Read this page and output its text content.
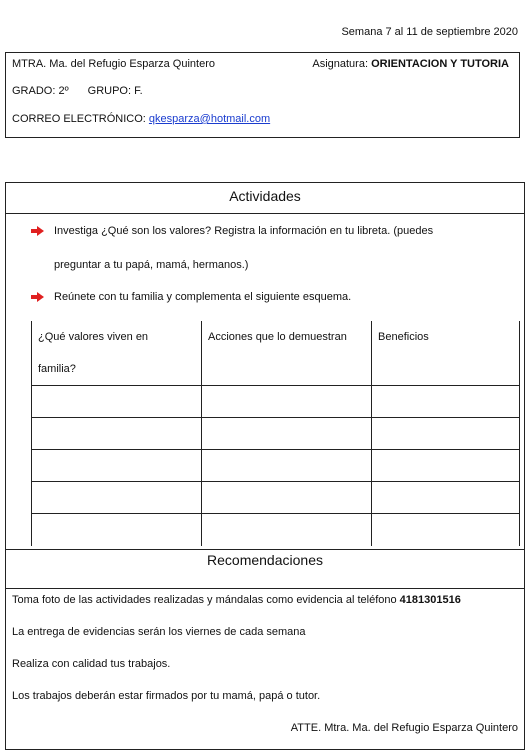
Semana 7 al 11 de septiembre 2020
MTRA. Ma. del Refugio Esparza Quintero	Asignatura: ORIENTACION Y TUTORIA
GRADO: 2º GRUPO: F.
CORREO ELECTRÓNICO: qkesparza@hotmail.com
Actividades
Investiga ¿Qué son los valores? Registra la información en tu libreta. (puedes
preguntar a tu papá, mamá, hermanos.)
Reúnete con tu familia y complementa el siguiente esquema.
¿Qué valores viven en
familia?	Acciones que lo demuestran	Beneficios

Recomendaciones
Toma foto de las actividades realizadas y mándalas como evidencia al teléfono 4181301516
La entrega de evidencias serán los viernes de cada semana
Realiza con calidad tus trabajos.
Los trabajos deberán estar firmados por tu mamá, papá o tutor.
ATTE. Mtra. Ma. del Refugio Esparza Quintero
